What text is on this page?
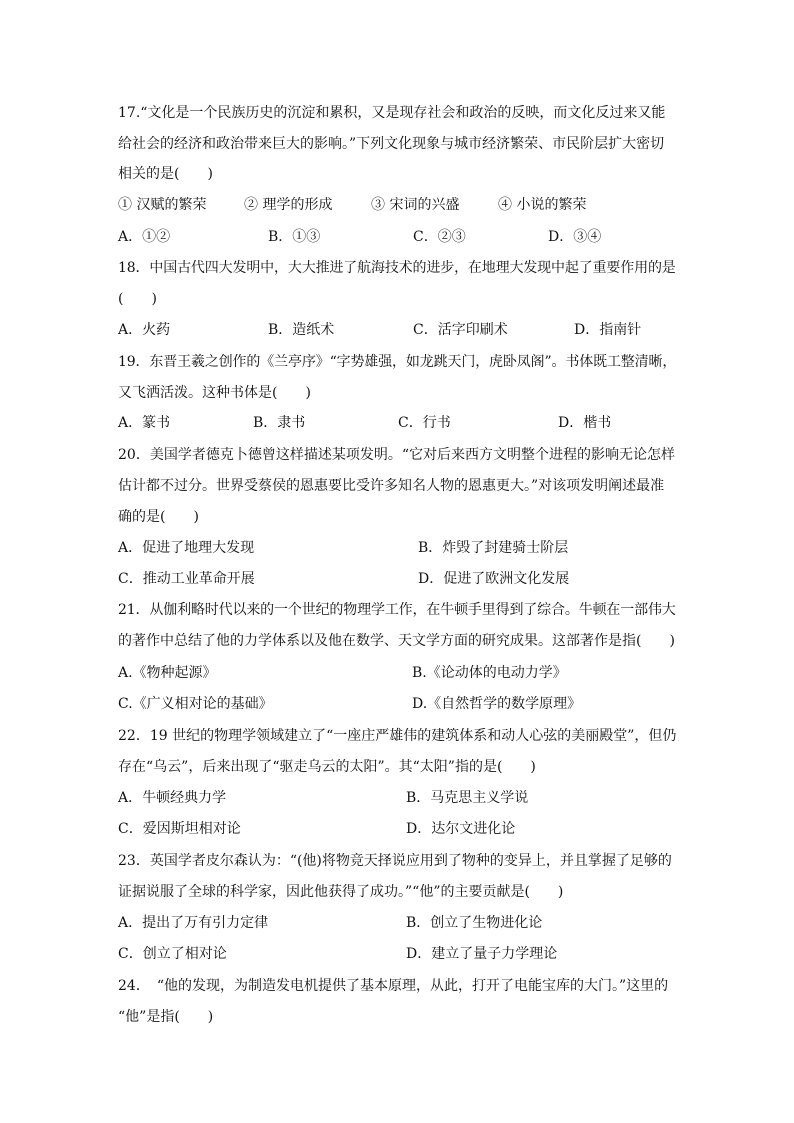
17.“文化是一个民族历史的沉淀和累积，又是现存社会和政治的反映，而文化反过来又能
给社会的经济和政治带来巨大的影响。”下列文化现象与城市经济繁荣、市民阶层扩大密切
相关的是(　　)
① 汉赋的繁荣	② 理学的形成	③ 宋词的兴盛	④ 小说的繁荣
A．①②	B．①③	C．②③	D．③④
18．中国古代四大发明中，大大推进了航海技术的进步，在地理大发现中起了重要作用的是
(　　)
A．火药	B．造纸术	C．活字印刷术	D．指南针
19．东晋王羲之创作的《兰亭序》“字势雄强，如龙跳天门，虎卧凤阁”。书体既工整清晰，
又飞洒活泼。这种书体是(　　)
A．篆书	B．隶书	C．行书	D．楷书
20．美国学者德克卜德曾这样描述某项发明。“它对后来西方文明整个进程的影响无论怎样
估计都不过分。世界受蔡侯的恩惠要比受许多知名人物的恩惠更大。”对该项发明阐述最准
确的是(　　)
A．促进了地理大发现	B．炸毁了封建骑士阶层
C．推动工业革命开展	D．促进了欧洲文化发展
21．从伽利略时代以来的一个世纪的物理学工作，在牛顿手里得到了综合。牛顿在一部伟大
的著作中总结了他的力学体系以及他在数学、天文学方面的研究成果。这部著作是指(　　)
A.《物种起源》	B.《论动体的电动力学》
C.《广义相对论的基础》	D.《自然哲学的数学原理》
22．19 世纪的物理学领域建立了“一座庄严雄伟的建筑体系和动人心弦的美丽殿堂”，但仍
存在“乌云”，后来出现了“驱走乌云的太阳”。其“太阳”指的是(　　)
A．牛顿经典力学	B．马克思主义学说
C．爱因斯坦相对论	D．达尔文进化论
23．英国学者皮尔森认为：“(他)将物竞天择说应用到了物种的变异上，并且掌握了足够的
证据说服了全球的科学家，因此他获得了成功。”“他”的主要贡献是(　　)
A．提出了万有引力定律	B．创立了生物进化论
C．创立了相对论	D．建立了量子力学理论
24．　“他的发现，为制造发电机提供了基本原理，从此，打开了电能宝库的大门。”这里的
“他”是指(　　)
